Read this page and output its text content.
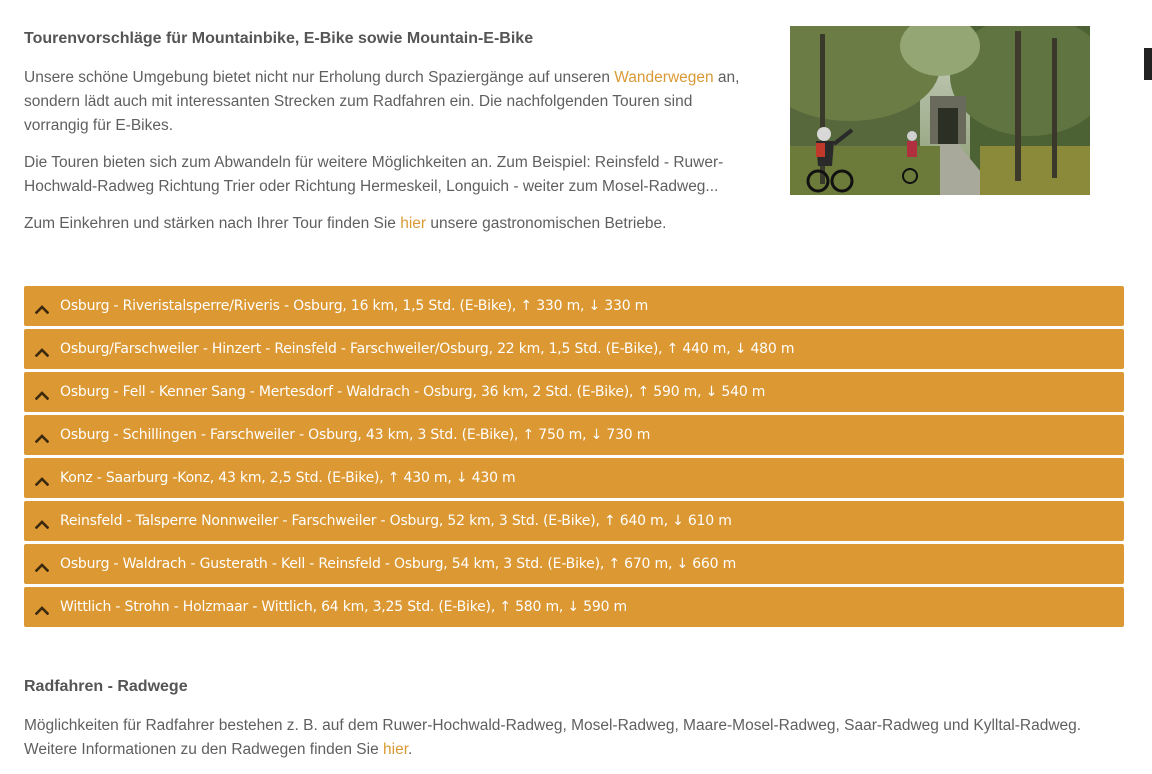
Tourenvorschläge für Mountainbike, E-Bike sowie Mountain-E-Bike

Unsere schöne Umgebung bietet nicht nur Erholung durch Spaziergänge auf unseren Wanderwegen an, sondern lädt auch mit interessanten Strecken zum Radfahren ein. Die nachfolgenden Touren sind vorrangig für E-Bikes.

Die Touren bieten sich zum Abwandeln für weitere Möglichkeiten an. Zum Beispiel: Reinsfeld - Ruwer-Hochwald-Radweg Richtung Trier oder Richtung Hermeskeil, Longuich - weiter zum Mosel-Radweg...

Zum Einkehren und stärken nach Ihrer Tour finden Sie hier unsere gastronomischen Betriebe.

Osburg - Riveristalsperre/Riveris - Osburg, 16 km, 1,5 Std. (E-Bike), ↑ 330 m, ↓ 330 m
Osburg/Farschweiler - Hinzert - Reinsfeld - Farschweiler/Osburg, 22 km, 1,5 Std. (E-Bike), ↑ 440 m, ↓ 480 m
Osburg - Fell - Kenner Sang - Mertesdorf - Waldrach - Osburg, 36 km, 2 Std. (E-Bike), ↑ 590 m, ↓ 540 m
Osburg - Schillingen - Farschweiler - Osburg, 43 km, 3 Std. (E-Bike), ↑ 750 m, ↓ 730 m
Konz - Saarburg -Konz, 43 km, 2,5 Std. (E-Bike), ↑ 430 m, ↓ 430 m
Reinsfeld - Talsperre Nonnweiler - Farschweiler - Osburg, 52 km, 3 Std. (E-Bike), ↑ 640 m, ↓ 610 m
Osburg - Waldrach - Gusterath - Kell - Reinsfeld - Osburg, 54 km, 3 Std. (E-Bike), ↑ 670 m, ↓ 660 m
Wittlich - Strohn - Holzmaar - Wittlich, 64 km, 3,25 Std. (E-Bike), ↑ 580 m, ↓ 590 m
Radfahren - Radwege

Möglichkeiten für Radfahrer bestehen z. B. auf dem Ruwer-Hochwald-Radweg, Mosel-Radweg, Maare-Mosel-Radweg, Saar-Radweg und Kylltal-Radweg.
Weitere Informationen zu den Radwegen finden Sie hier.
